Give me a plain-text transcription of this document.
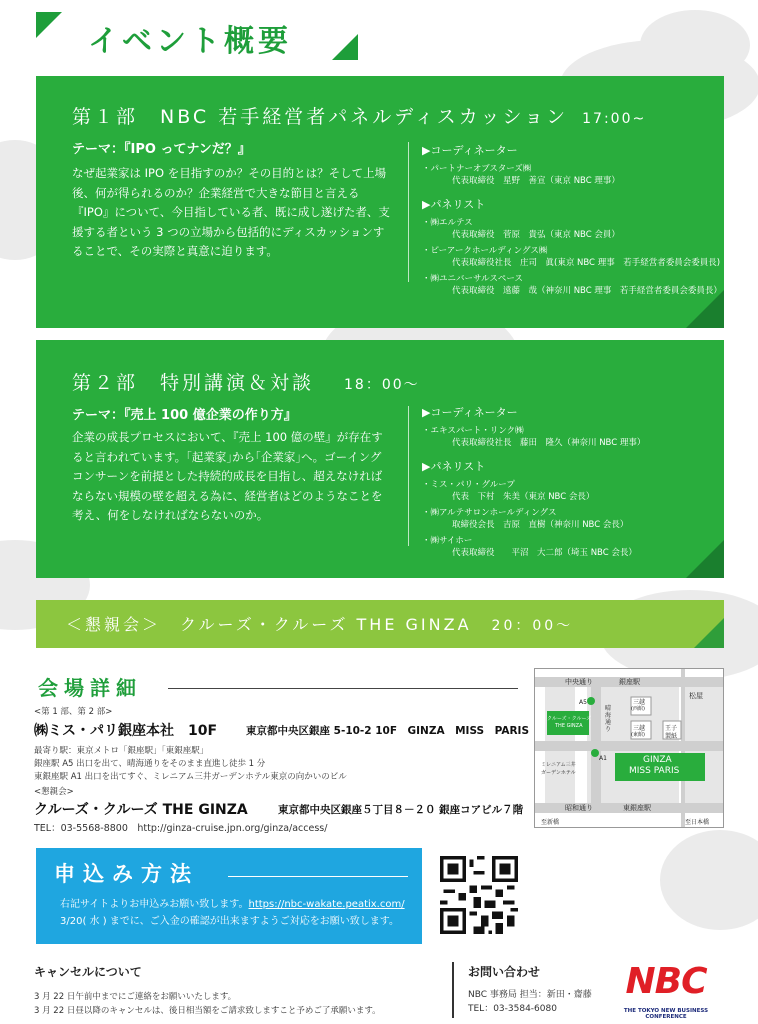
イベント概要
第１部　NBC 若手経営者パネルディスカッション 17:00~
テーマ：『IPO ってナンだ？』

なぜ起業家は IPO を目指すのか？その目的とは？そして上場後、何が得られるのか？企業経営で大きな節目と言える『IPO』について、今目指している者、既に成し遂げた者、支援する者という 3 つの立場から包括的にディスカッションすることで、その実際と真意に迫ります。

▶コーディネーター
・パートナーオブスターズ㈱
代表取締役　星野　善宣（東京 NBC 理事）
▶パネリスト
・㈱エルテス
代表取締役　菅原　貴弘（東京 NBC 会員）
・ピーアークホールディングス㈱
代表取締役社長　庄司　眞(東京 NBC 理事　若手経営者委員会委員長)
・㈱ユニバーサルスペース
代表取締役　遠藤　哉（神奈川 NBC 理事　若手経営者委員会委員長）
第２部　特別講演＆対談 18：00～
テーマ：『売上 100 億企業の作り方』

企業の成長プロセスにおいて、『売上 100 億の壁』が存在すると言われています。｢起業家｣から｢企業家｣へ。ゴーイングコンサーンを前提とした持続的成長を目指し、超えなければならない規模の壁を超える為に、経営者はどのようなことを考え、何をしなければならないのか。

▶コーディネーター
・エキスパート・リンク㈱
代表取締役社長　藤田　隆久（神奈川 NBC 理事）
▶パネリスト
・ミス・パリ・グループ
代表　下村　朱美（東京 NBC 会長）
・㈱アルテサロンホールディングス
取締役会長　吉原　直樹（神奈川 NBC 会長）
・㈱サイホー
代表取締役　　平沼　大二郎（埼玉 NBC 会長）
＜懇親会＞　クルーズ・クルーズ THE GINZA 20：00～
会場詳細
<第 1 部、第 2 部>
㈱ミス・パリ銀座本社　10F	東京都中央区銀座 5-10-2 10F　GINZA　MISS　PARIS
最寄り駅：東京メトロ「銀座駅」「東銀座駅」
銀座駅 A5 出口を出て、晴海通りをそのまま直進し徒歩 1 分
東銀座駅 A1 出口を出てすぐ、ミレニアム三井ガーデンホテル東京の向かいのビル
<懇親会>
クルーズ・クルーズ THE GINZA	東京都中央区銀座５丁目８－２０ 銀座コアビル７階
TEL：03-5568-8800　http://ginza-cruise.jpn.org/ginza/access/
中央通り	銀座駅
三越
(西館)
松屋
クルーズ・クルーズ
THE GINZA
A5
晴海通り	三越
(東館)
王子
製紙
ミレニアム三井
ガーデンホテル
A1	GINZA
MISS PARIS
昭和通り	東銀座駅
至新橋	至日本橋
申込み方法
右記サイトよりお申込みお願い致します。https://nbc-wakate.peatix.com/
3/20( 水 ) までに、ご入金の確認が出来ますようご対応をお願い致します。
キャンセルについて
3 月 22 日午前中までにご連絡をお願いいたします。
3 月 22 日昼以降のキャンセルは、後日相当額をご請求致しますこと予めご了承願います。
お問い合わせ
NBC 事務局 担当：新田・齋藤
TEL：03-3584-6080
NBC
THE TOKYO NEW BUSINESS CONFERENCE
